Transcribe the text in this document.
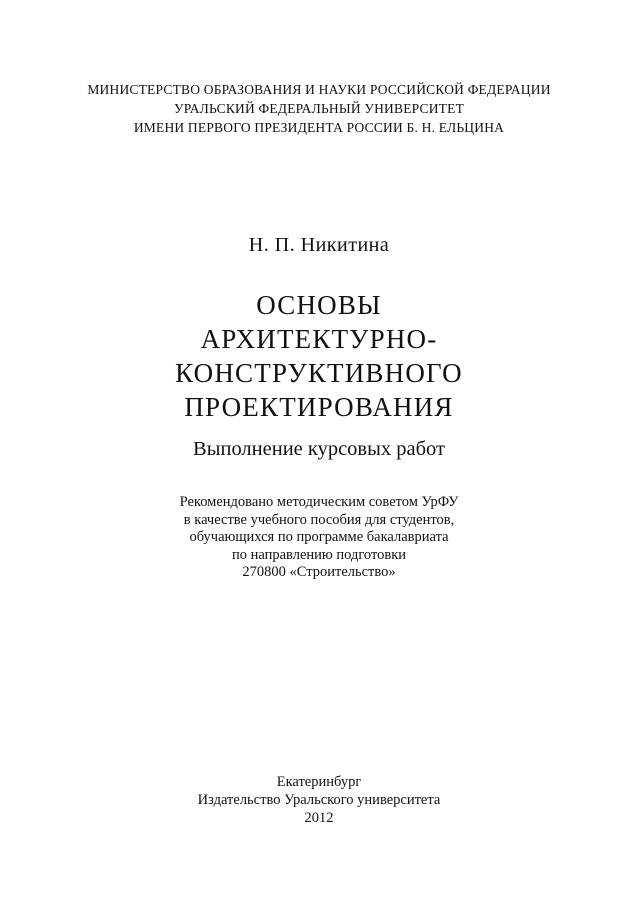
МИНИСТЕРСТВО ОБРАЗОВАНИЯ И НАУКИ РОССИЙСКОЙ ФЕДЕРАЦИИ
УРАЛЬСКИЙ ФЕДЕРАЛЬНЫЙ УНИВЕРСИТЕТ
ИМЕНИ ПЕРВОГО ПРЕЗИДЕНТА РОССИИ Б. Н. ЕЛЬЦИНА
Н. П. Никитина
ОСНОВЫ
АРХИТЕКТУРНО-
КОНСТРУКТИВНОГО
ПРОЕКТИРОВАНИЯ
Выполнение курсовых работ
Рекомендовано методическим советом УрФУ
в качестве учебного пособия для студентов,
обучающихся по программе бакалавриата
по направлению подготовки
270800 «Строительство»
Екатеринбург
Издательство Уральского университета
2012
